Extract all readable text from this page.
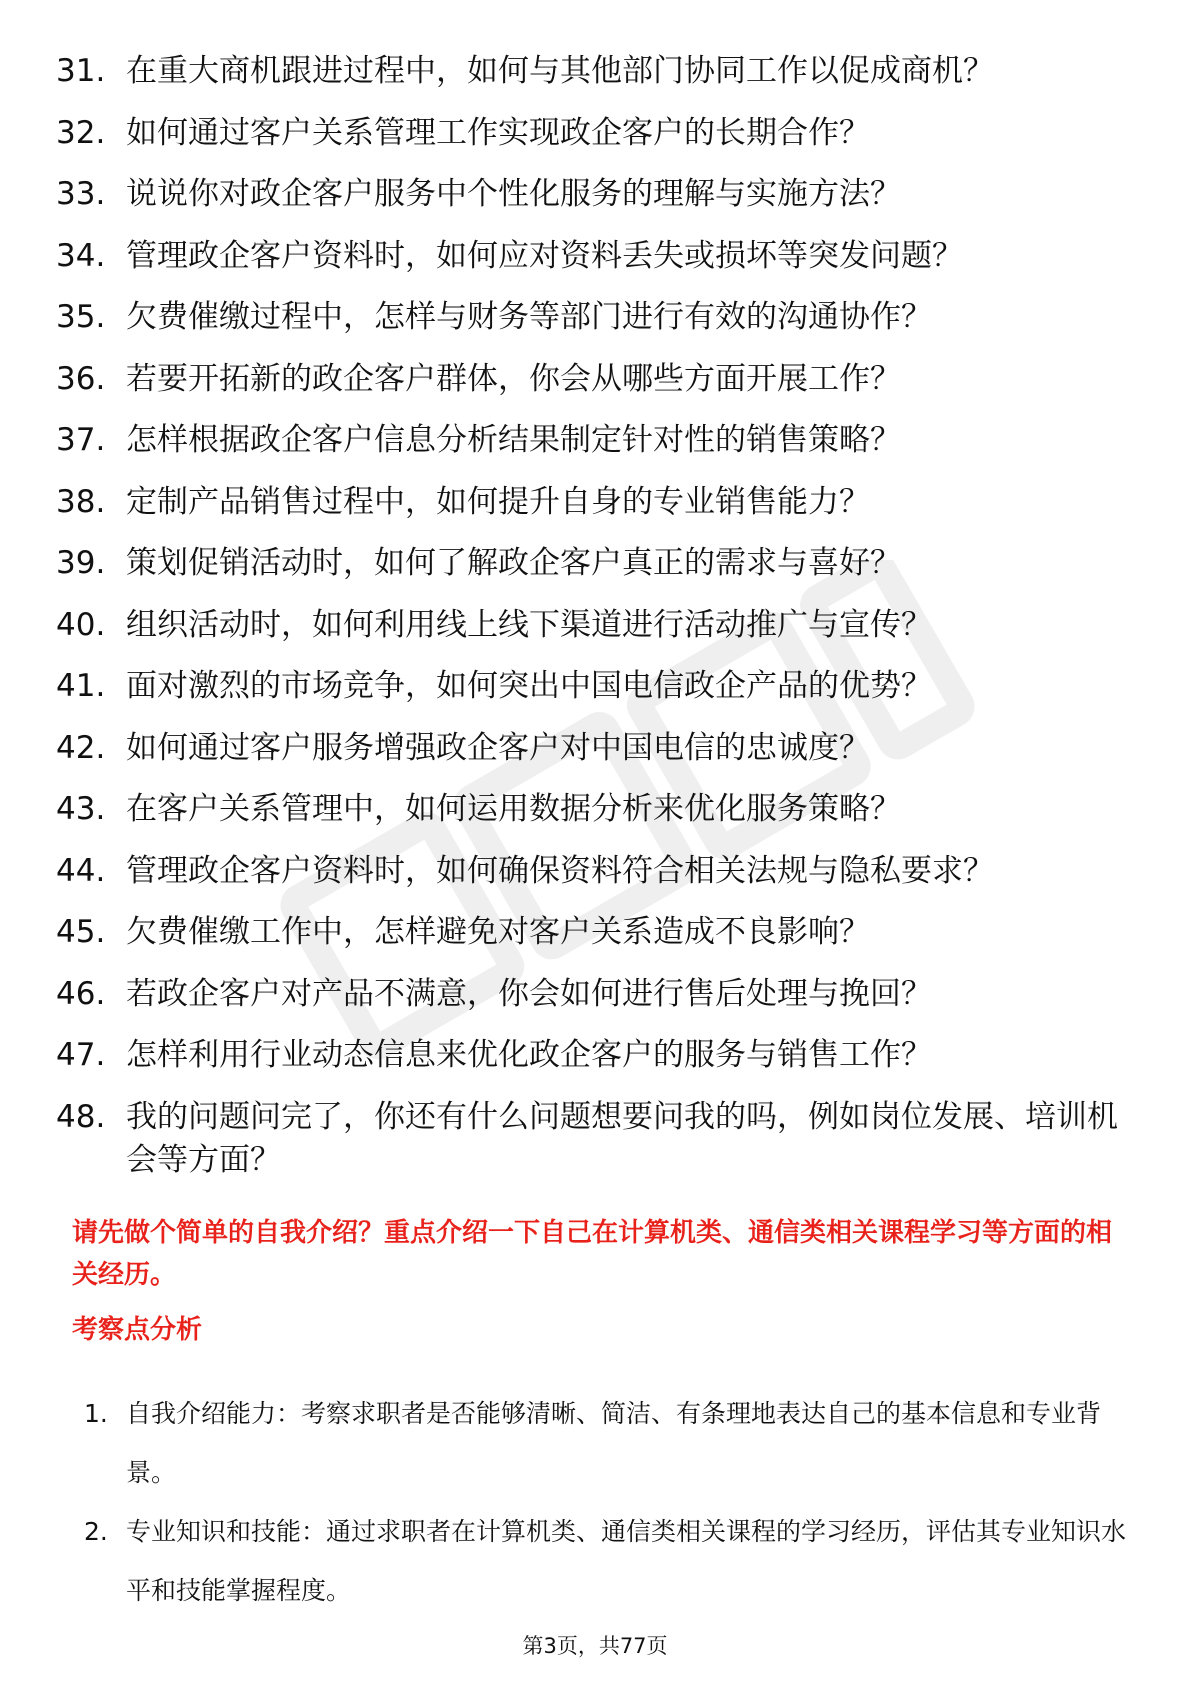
31. 在重大商机跟进过程中，如何与其他部门协同工作以促成商机？
32. 如何通过客户关系管理工作实现政企客户的长期合作？
33. 说说你对政企客户服务中个性化服务的理解与实施方法？
34. 管理政企客户资料时，如何应对资料丢失或损坏等突发问题？
35. 欠费催缴过程中，怎样与财务等部门进行有效的沟通协作？
36. 若要开拓新的政企客户群体，你会从哪些方面开展工作？
37. 怎样根据政企客户信息分析结果制定针对性的销售策略？
38. 定制产品销售过程中，如何提升自身的专业销售能力？
39. 策划促销活动时，如何了解政企客户真正的需求与喜好？
40. 组织活动时，如何利用线上线下渠道进行活动推广与宣传？
41. 面对激烈的市场竞争，如何突出中国电信政企产品的优势？
42. 如何通过客户服务增强政企客户对中国电信的忠诚度？
43. 在客户关系管理中，如何运用数据分析来优化服务策略？
44. 管理政企客户资料时，如何确保资料符合相关法规与隐私要求？
45. 欠费催缴工作中，怎样避免对客户关系造成不良影响？
46. 若政企客户对产品不满意，你会如何进行售后处理与挽回？
47. 怎样利用行业动态信息来优化政企客户的服务与销售工作？
48. 我的问题问完了，你还有什么问题想要问我的吗，例如岗位发展、培训机会等方面？

请先做个简单的自我介绍？重点介绍一下自己在计算机类、通信类相关课程学习等方面的相关经历。

考察点分析

1. 自我介绍能力：考察求职者是否能够清晰、简洁、有条理地表达自己的基本信息和专业背景。
2. 专业知识和技能：通过求职者在计算机类、通信类相关课程的学习经历，评估其专业知识水平和技能掌握程度。
第3页，共77页
